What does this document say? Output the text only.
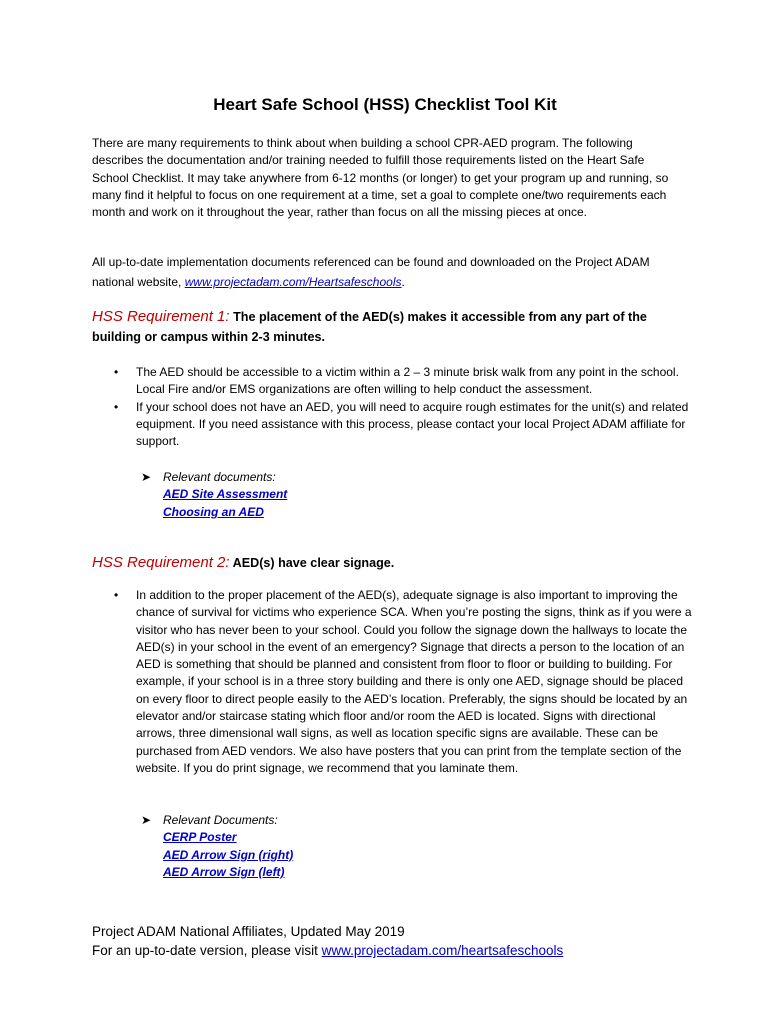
Heart Safe School (HSS) Checklist Tool Kit

There are many requirements to think about when building a school CPR-AED program. The following describes the documentation and/or training needed to fulfill those requirements listed on the Heart Safe School Checklist. It may take anywhere from 6-12 months (or longer) to get your program up and running, so many find it helpful to focus on one requirement at a time, set a goal to complete one/two requirements each month and work on it throughout the year, rather than focus on all the missing pieces at once.

All up-to-date implementation documents referenced can be found and downloaded on the Project ADAM national website, www.projectadam.com/Heartsafeschools.

HSS Requirement 1: The placement of the AED(s) makes it accessible from any part of the building or campus within 2-3 minutes.

• The AED should be accessible to a victim within a 2 – 3 minute brisk walk from any point in the school. Local Fire and/or EMS organizations are often willing to help conduct the assessment.
• If your school does not have an AED, you will need to acquire rough estimates for the unit(s) and related equipment. If you need assistance with this process, please contact your local Project ADAM affiliate for support.
➤ Relevant documents:
AED Site Assessment
Choosing an AED

HSS Requirement 2: AED(s) have clear signage.

• In addition to the proper placement of the AED(s), adequate signage is also important to improving the chance of survival for victims who experience SCA. When you’re posting the signs, think as if you were a visitor who has never been to your school. Could you follow the signage down the hallways to locate the AED(s) in your school in the event of an emergency? Signage that directs a person to the location of an AED is something that should be planned and consistent from floor to floor or building to building. For example, if your school is in a three story building and there is only one AED, signage should be placed on every floor to direct people easily to the AED’s location. Preferably, the signs should be located by an elevator and/or staircase stating which floor and/or room the AED is located. Signs with directional arrows, three dimensional wall signs, as well as location specific signs are available. These can be purchased from AED vendors. We also have posters that you can print from the template section of the website. If you do print signage, we recommend that you laminate them.
➤ Relevant Documents:
CERP Poster
AED Arrow Sign (right)
AED Arrow Sign (left)
Project ADAM National Affiliates, Updated May 2019
For an up-to-date version, please visit www.projectadam.com/heartsafeschools
